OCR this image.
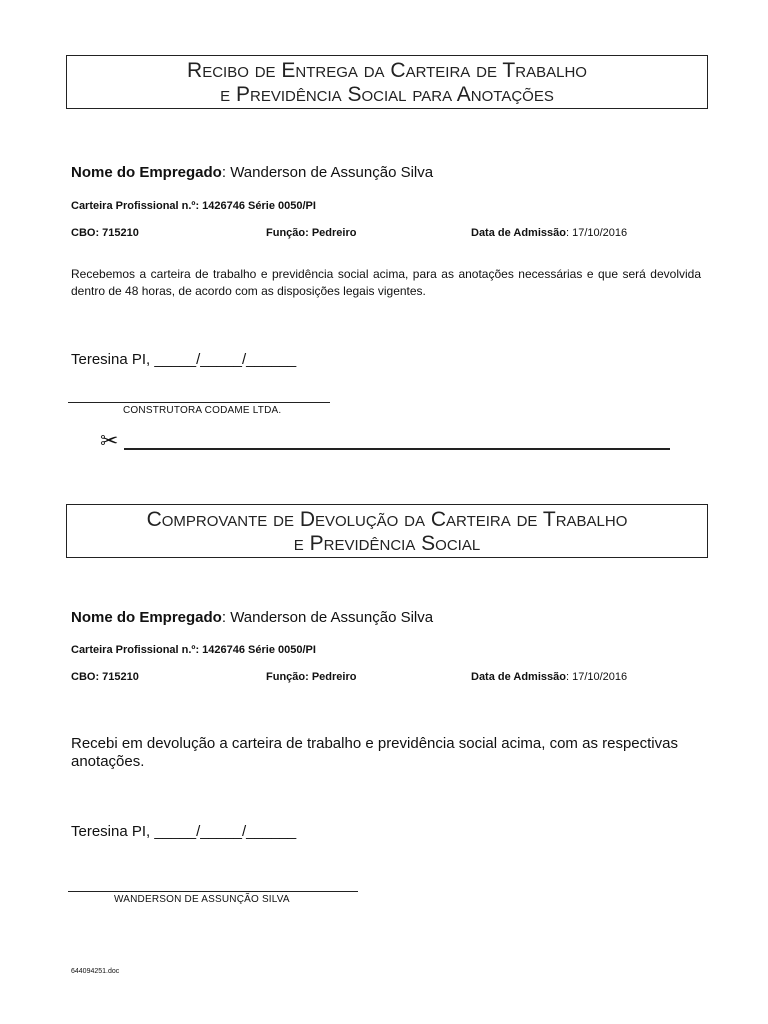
Recibo de Entrega da Carteira de Trabalho
e Previdência Social para Anotações
Nome do Empregado: Wanderson de Assunção Silva
Carteira Profissional n.º: 1426746 Série 0050/PI
CBO: 715210	Função: Pedreiro	Data de Admissão: 17/10/2016
Recebemos a carteira de trabalho e previdência social acima, para as anotações necessárias e que será devolvida dentro de 48 horas, de acordo com as disposições legais vigentes.
Teresina PI, _____/_____/______
CONSTRUTORA CODAME LTDA.
✂
Comprovante de Devolução da Carteira de Trabalho
e Previdência Social
Nome do Empregado: Wanderson de Assunção Silva
Carteira Profissional n.º: 1426746 Série 0050/PI
CBO: 715210	Função: Pedreiro	Data de Admissão: 17/10/2016
Recebi em devolução a carteira de trabalho e previdência social acima, com as respectivas anotações.
Teresina PI, _____/_____/______
WANDERSON DE ASSUNÇÃO SILVA
644094251.doc
